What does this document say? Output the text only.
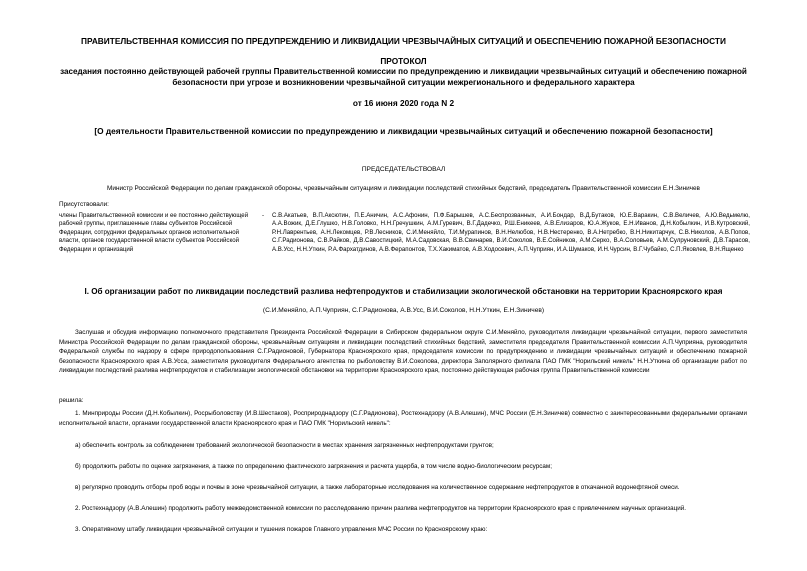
ПРАВИТЕЛЬСТВЕННАЯ КОМИССИЯ ПО ПРЕДУПРЕЖДЕНИЮ И ЛИКВИДАЦИИ ЧРЕЗВЫЧАЙНЫХ СИТУАЦИЙ И ОБЕСПЕЧЕНИЮ ПОЖАРНОЙ БЕЗОПАСНОСТИ
ПРОТОКОЛ
заседания постоянно действующей рабочей группы Правительственной комиссии по предупреждению и ликвидации чрезвычайных ситуаций и обеспечению пожарной безопасности при угрозе и возникновении чрезвычайной ситуации межрегионального и федерального характера
от 16 июня 2020 года N 2
[О деятельности Правительственной комиссии по предупреждению и ликвидации чрезвычайных ситуаций и обеспечению пожарной безопасности]
ПРЕДСЕДАТЕЛЬСТВОВАЛ
Министр Российской Федерации по делам гражданской обороны, чрезвычайным ситуациям и ликвидации последствий стихийных бедствий, председатель Правительственной комиссии Е.Н.Зиничев
Присутствовали:
члены Правительственной комиссии и ее постоянно действующей рабочей группы, приглашенные главы субъектов Российской Федерации, сотрудники федеральных органов исполнительной власти, органов государственной власти субъектов Российской Федерации и организаций
- С.В.Акатьев, В.П.Аксютин, П.Е.Аничин, А.С.Афонин, П.Ф.Барышев, А.С.Беспрозванных, А.И.Бондар, В.Д.Бутаков, Ю.Е.Варакин, С.В.Величев, А.Ю.Ведьмелю, А.А.Вожик, Д.Е.Глушко, Н.В.Головко, Н.Н.Гречушкин, А.М.Гуревич, В.Г.Дадечко, Р.Ш.Еникеев, А.В.Елизаров, Ю.А.Жуков, Е.Н.Иванов, Д.Н.Кобылкин, И.В.Кутровский, Р.Н.Лаврентьев, А.Н.Лекомцев, Р.В.Лесников, С.И.Меняйло, Т.И.Мурапинов, В.Н.Нелюбов, Н.В.Нестеренко, В.А.Нетребко, В.Н.Никитарчук, С.В.Николов, А.В.Попов, С.Г.Радионова, С.В.Райков, Д.В.Савостицкий, М.А.Садовская, В.В.Свинарев, В.И.Соколов, В.Е.Сойников, А.М.Серко, В.А.Соловьев, А.М.Сулруновский, Д.В.Тарасов, А.В.Усс, Н.Н.Уткин, Р.А.Фархатдинов, А.В.Ферапонтов, Т.Х.Хакиматов, А.В.Ходосевич, А.П.Чуприян, И.А.Шумаков, И.Н.Чурсин, В.Г.Чубайко, С.П.Яковлев, В.Н.Ященко
I. Об организации работ по ликвидации последствий разлива нефтепродуктов и стабилизации экологической обстановки на территории Красноярского края
(С.И.Меняйло, А.П.Чуприян, С.Г.Радионова, А.В.Усс, В.И.Соколов, Н.Н.Уткин, Е.Н.Зиничев)
Заслушав и обсудив информацию полномочного представителя Президента Российской Федерации в Сибирском федеральном округе С.И.Меняйло, руководителя ликвидации чрезвычайной ситуации, первого заместителя Министра Российской Федерации по делам гражданской обороны, чрезвычайным ситуациям и ликвидации последствий стихийных бедствий, заместителя председателя Правительственной комиссии А.П.Чуприяна, руководителя Федеральной службы по надзору в сфере природопользования С.Г.Радионовой, Губернатора Красноярского края, председателя комиссии по предупреждению и ликвидации чрезвычайных ситуаций и обеспечению пожарной безопасности Красноярского края А.В.Усса, заместителя руководителя Федерального агентства по рыболовству В.И.Соколова, директора Заполярного филиала ПАО ГМК "Норильский никель" Н.Н.Уткина об организации работ по ликвидации последствий разлива нефтепродуктов и стабилизации экологической обстановки на территории Красноярского края, постоянно действующая рабочая группа Правительственной комиссии
решила:
1. Минприроды России (Д.Н.Кобылкин), Росрыболовству (И.В.Шестаков), Росприроднадзору (С.Г.Радионова), Ростехнадзору (А.В.Алешин), МЧС России (Е.Н.Зиничев) совместно с заинтересованными федеральными органами исполнительной власти, органами государственной власти Красноярского края и ПАО ГМК "Норильский никель":
а) обеспечить контроль за соблюдением требований экологической безопасности в местах хранения загрязненных нефтепродуктами грунтов;
б) продолжить работы по оценке загрязнения, а также по определению фактического загрязнения и расчета ущерба, в том числе водно-биологическим ресурсам;
в) регулярно проводить отборы проб воды и почвы в зоне чрезвычайной ситуации, а также лабораторные исследования на количественное содержание нефтепродуктов в откачанной водонефтяной смеси.
2. Ростехнадзору (А.В.Алешин) продолжить работу межведомственной комиссии по расследованию причин разлива нефтепродуктов на территории Красноярского края с привлечением научных организаций.
3. Оперативному штабу ликвидации чрезвычайной ситуации и тушения пожаров Главного управления МЧС России по Красноярскому краю:
